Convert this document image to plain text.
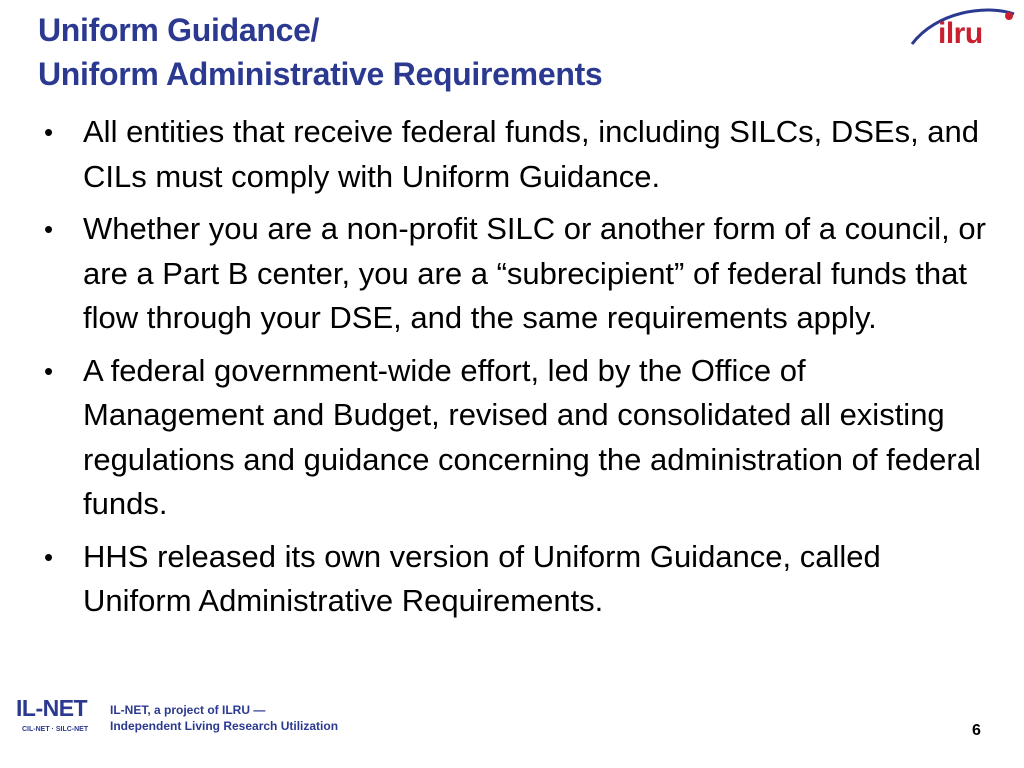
Uniform Guidance/
Uniform Administrative Requirements
ilru
• All entities that receive federal funds, including SILCs, DSEs, and CILs must comply with Uniform Guidance.
• Whether you are a non-profit SILC or another form of a council, or are a Part B center, you are a “subrecipient” of federal funds that flow through your DSE, and the same requirements apply.
• A federal government-wide effort, led by the Office of Management and Budget, revised and consolidated all existing regulations and guidance concerning the administration of federal funds.
• HHS released its own version of Uniform Guidance, called Uniform Administrative Requirements.
IL-NET
CIL-NET · SILC-NET
IL-NET, a project of ILRU —
Independent Living Research Utilization	6
